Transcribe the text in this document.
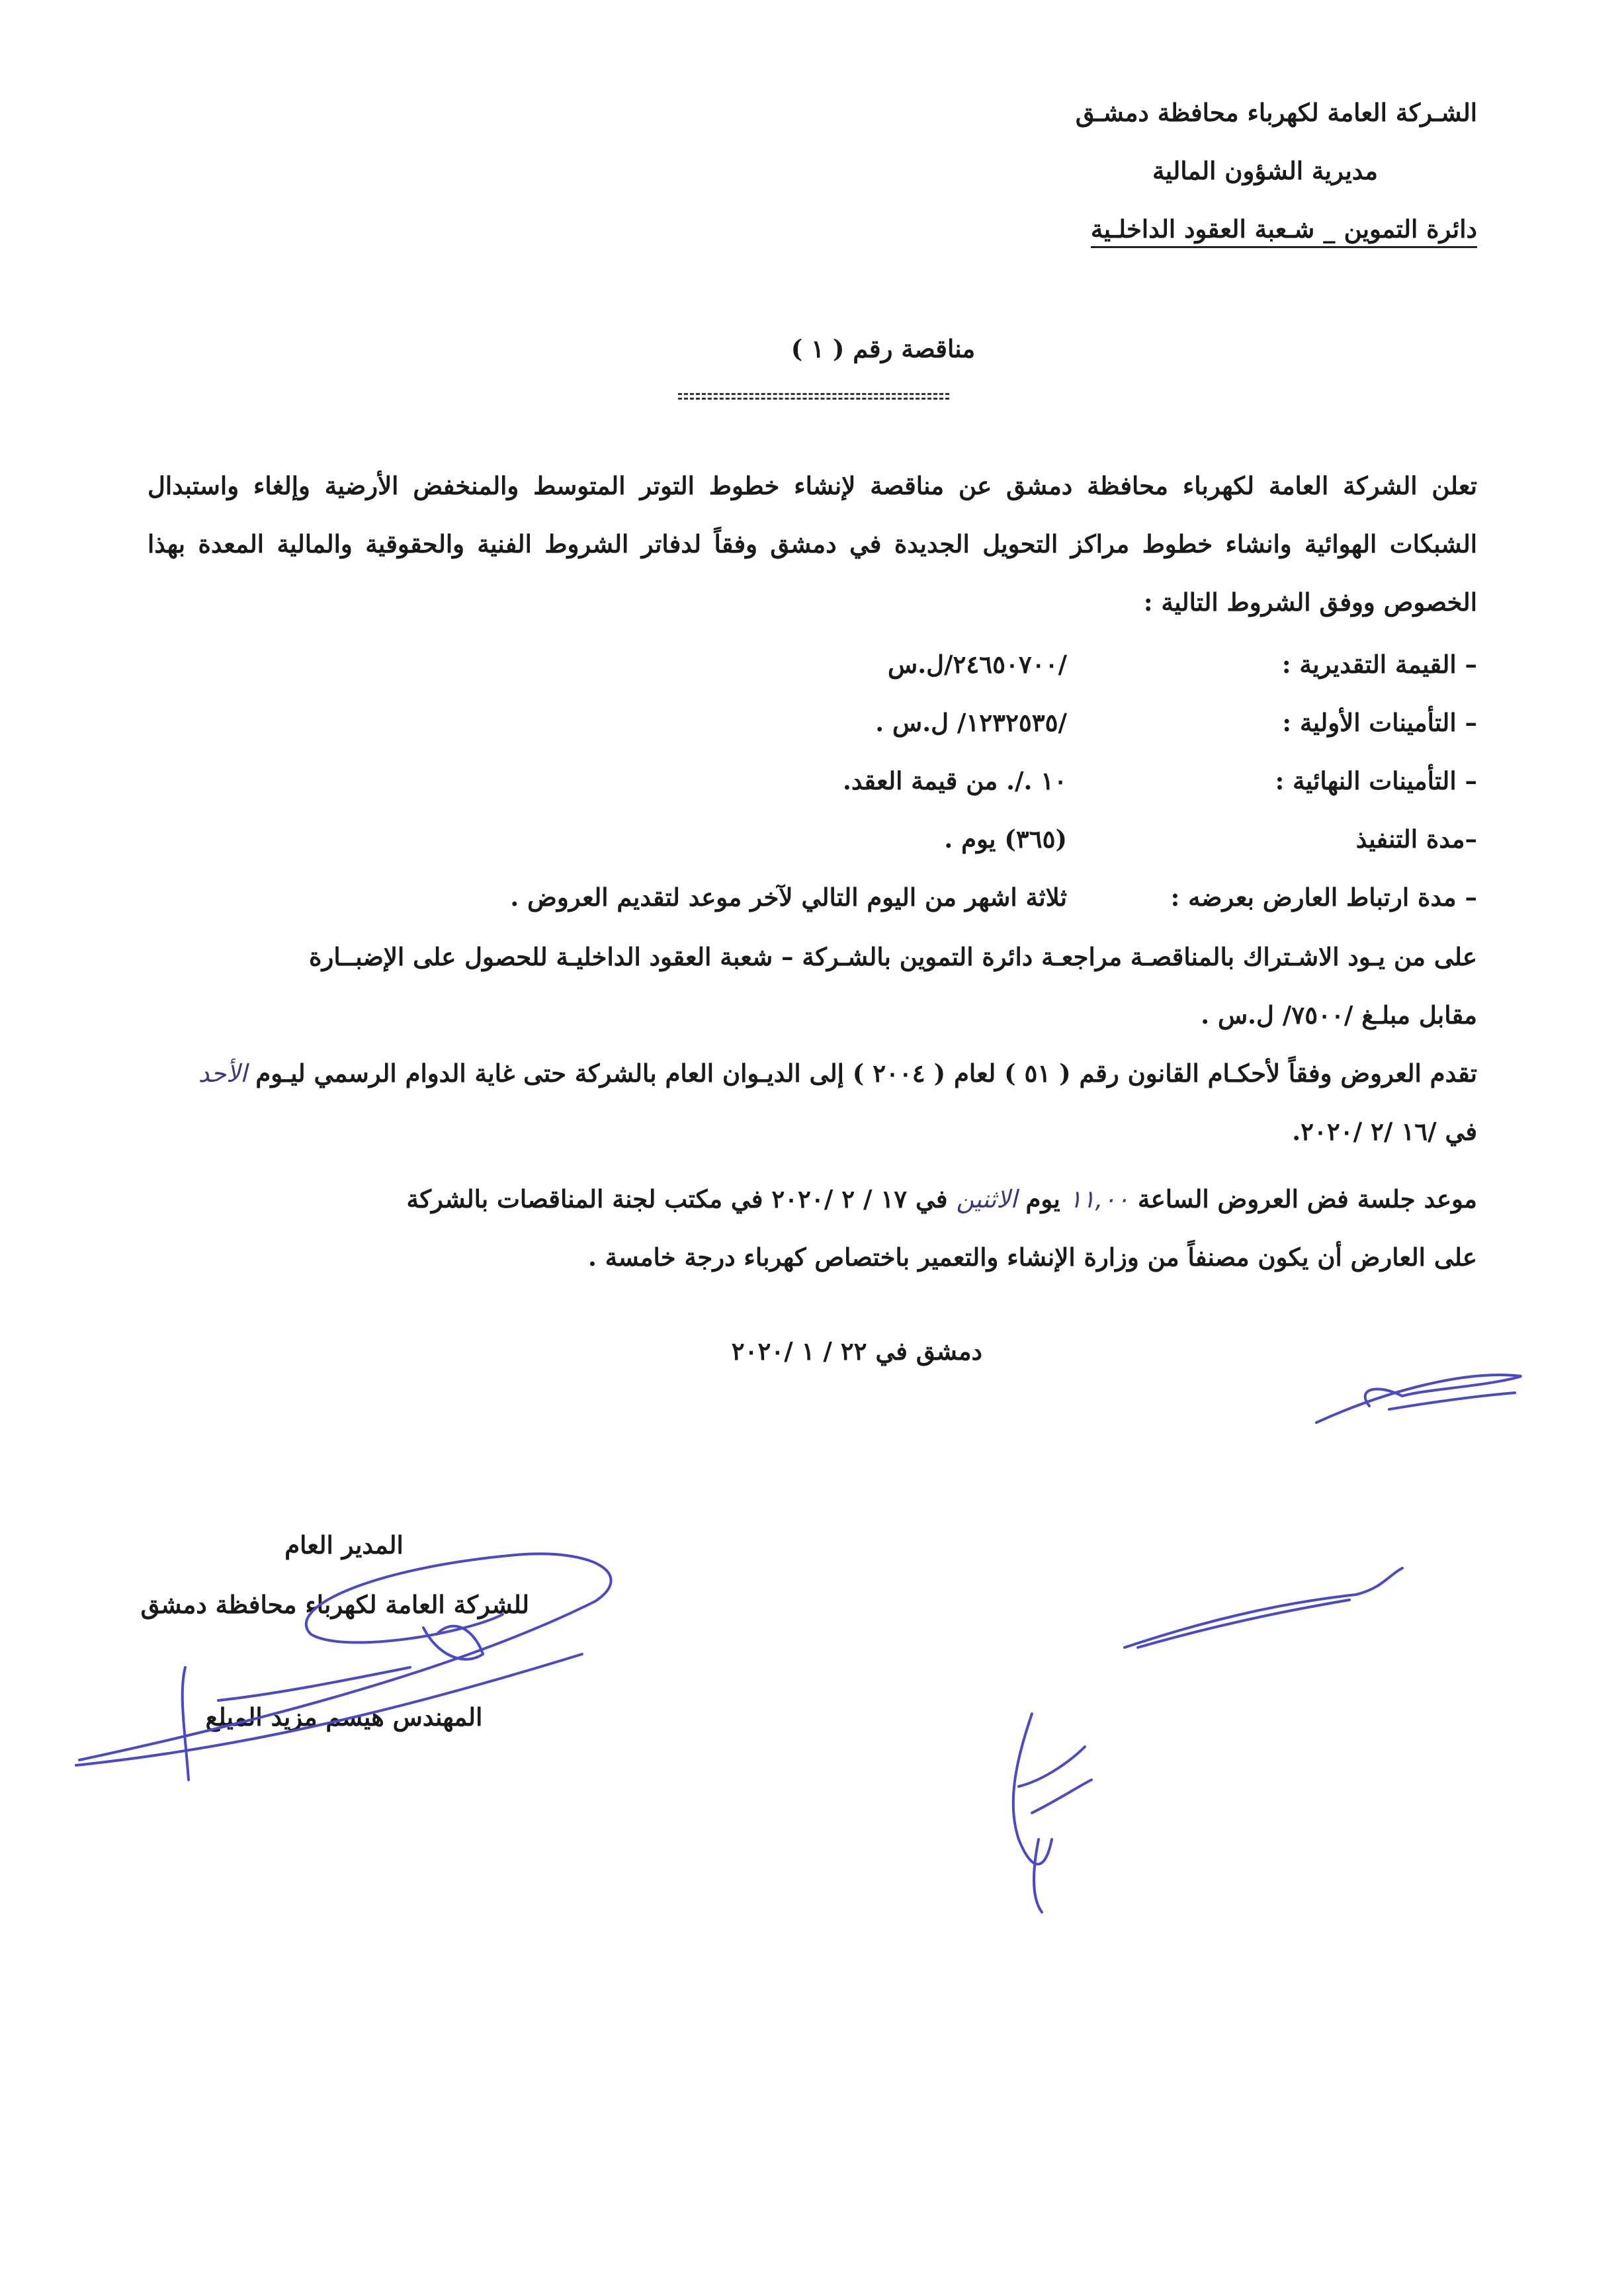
الشـركة العامة لكهرباء محافظة دمشـق
مديرية الشؤون المالية
دائرة التموين _ شـعبة العقود الداخلـية
مناقصة رقم ( ١ )
تعلن الشركة العامة لكهرباء محافظة دمشق عن مناقصة لإنشاء خطوط التوتر المتوسط والمنخفض الأرضية وإلغاء واستبدال الشبكات الهوائية وانشاء خطوط مراكز التحويل الجديدة في دمشق وفقاً لدفاتر الشروط الفنية والحقوقية والمالية المعدة بهذا الخصوص ووفق الشروط التالية :
– القيمة التقديرية :
/٢٤٦٥٠٧٠٠/ل.س
– التأمينات الأولية :
/١٢٣٢٥٣٥/ ل.س .
– التأمينات النهائية :
١٠ ./. من قيمة العقد.
–مدة التنفيذ
(٣٦٥) يوم .
– مدة ارتباط العارض بعرضه :
ثلاثة اشهر من اليوم التالي لآخر موعد لتقديم العروض .
على من يـود الاشـتراك بالمناقصـة مراجعـة دائرة التموين بالشـركة – شعبة العقود الداخليـة للحصول على الإضبــارة
مقابل مبلـغ /٧٥٠٠/ ل.س .
تقدم العروض وفقاً لأحكـام القانون رقم ( ٥١ ) لعام ( ٢٠٠٤ ) إلى الديـوان العام بالشركة حتى غاية الدوام الرسمي ليـوم الأحد
في /١٦ /٢ /٢٠٢٠.
موعد جلسة فض العروض الساعة ١١,٠٠ يوم الاثنين في ١٧ / ٢ /٢٠٢٠ في مكتب لجنة المناقصات بالشركة
على العارض أن يكون مصنفاً من وزارة الإنشاء والتعمير باختصاص كهرباء درجة خامسة .
دمشق في ٢٢ / ١ /٢٠٢٠
المدير العام
للشركة العامة لكهرباء محافظة دمشق
المهندس هيسم مزيد الميلع
